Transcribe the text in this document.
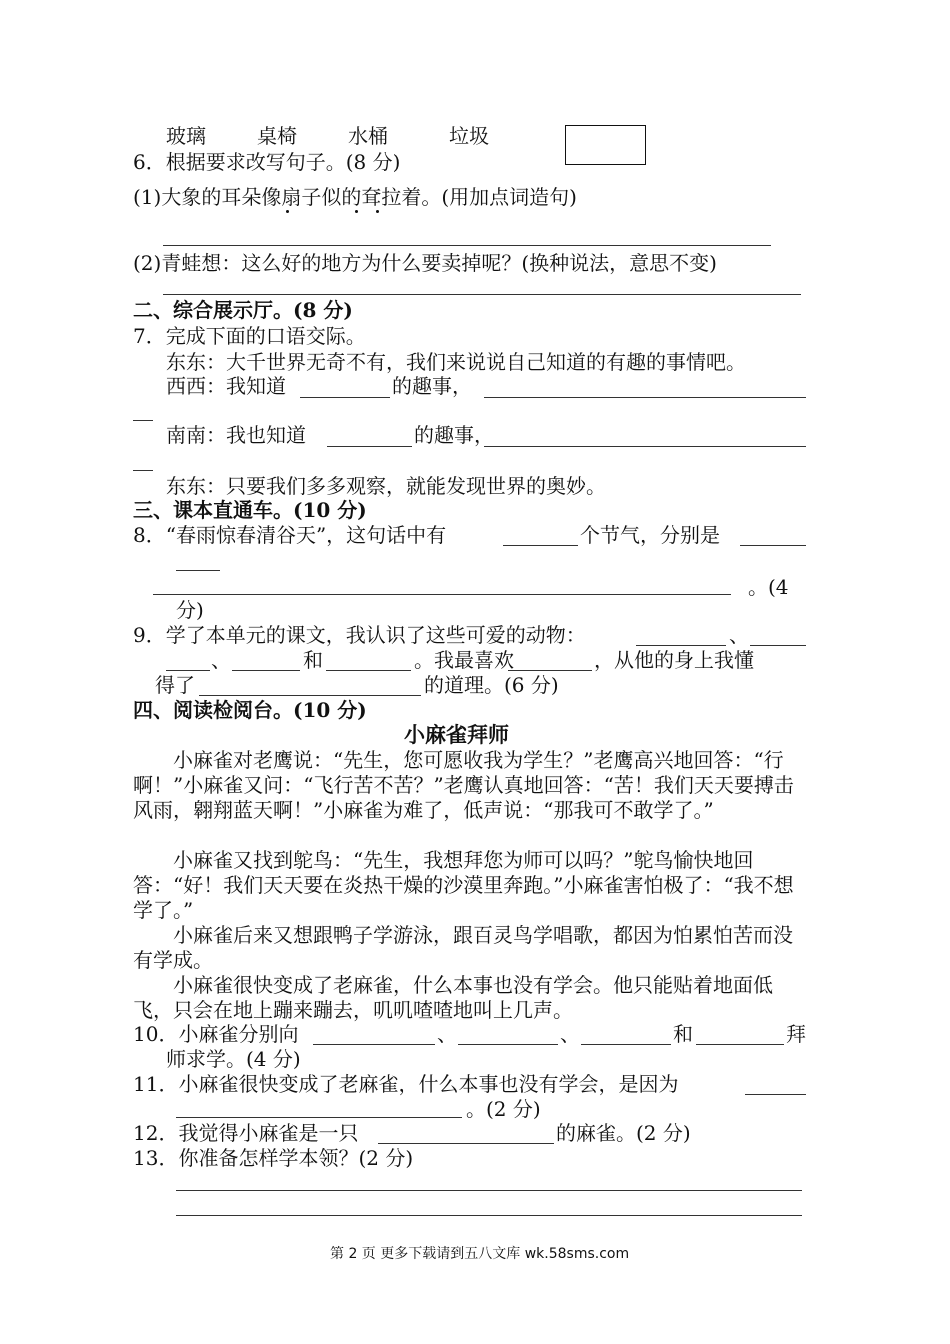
玻璃	桌椅	水桶	垃圾
6．根据要求改写句子。(8 分)
(1)大象的耳朵像扇子似的耷拉着。(用加点词造句)
(2)青蛙想：这么好的地方为什么要卖掉呢？(换种说法，意思不变)
二、综合展示厅。(8 分)
7．完成下面的口语交际。
东东：大千世界无奇不有，我们来说说自己知道的有趣的事情吧。
西西：我知道	的趣事，
南南：我也知道	的趣事，
东东：只要我们多多观察，就能发现世界的奥妙。
三、课本直通车。(10 分)
8．“春雨惊春清谷天”，这句话中有	个节气，分别是
。(4
分)
9．学了本单元的课文，我认识了这些可爱的动物：	、
、	和	。我最喜欢	，从他的身上我懂
得了	的道理。(6 分)
四、阅读检阅台。(10 分)
小麻雀拜师
小麻雀对老鹰说：“先生，您可愿收我为学生？”老鹰高兴地回答：“行啊！”小麻雀又问：“飞行苦不苦？”老鹰认真地回答：“苦！我们天天要搏击风雨，翱翔蓝天啊！”小麻雀为难了，低声说：“那我可不敢学了。”
小麻雀又找到鸵鸟：“先生，我想拜您为师可以吗？”鸵鸟愉快地回答：“好！我们天天要在炎热干燥的沙漠里奔跑。”小麻雀害怕极了：“我不想学了。”
小麻雀后来又想跟鸭子学游泳，跟百灵鸟学唱歌，都因为怕累怕苦而没有学成。
小麻雀很快变成了老麻雀，什么本事也没有学会。他只能贴着地面低飞，只会在地上蹦来蹦去，叽叽喳喳地叫上几声。
10．小麻雀分别向	、	、	和	拜
师求学。(4 分)
11．小麻雀很快变成了老麻雀，什么本事也没有学会，是因为
。(2 分)
12．我觉得小麻雀是一只	的麻雀。(2 分)
13．你准备怎样学本领？(2 分)
第 2 页 更多下载请到五八文库 wk.58sms.com
